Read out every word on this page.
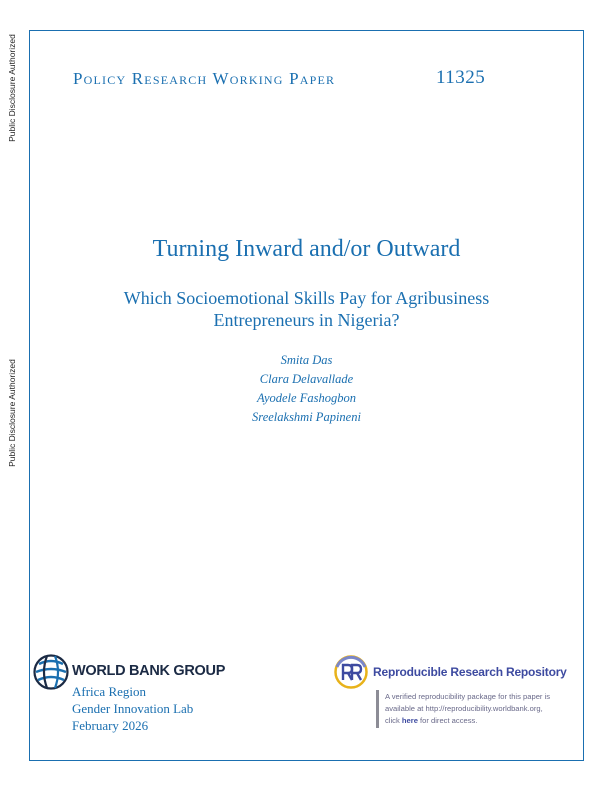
Public Disclosure Authorized
Public Disclosure Authorized
Policy Research Working Paper	11325
Turning Inward and/or Outward
Which Socioemotional Skills Pay for Agribusiness
Entrepreneurs in Nigeria?
Smita Das
Clara Delavallade
Ayodele Fashogbon
Sreelakshmi Papineni
WORLD BANK GROUP
Africa Region
Gender Innovation Lab
February 2026
Reproducible Research Repository
A verified reproducibility package for this paper is
available at http://reproducibility.worldbank.org,
click here for direct access.
